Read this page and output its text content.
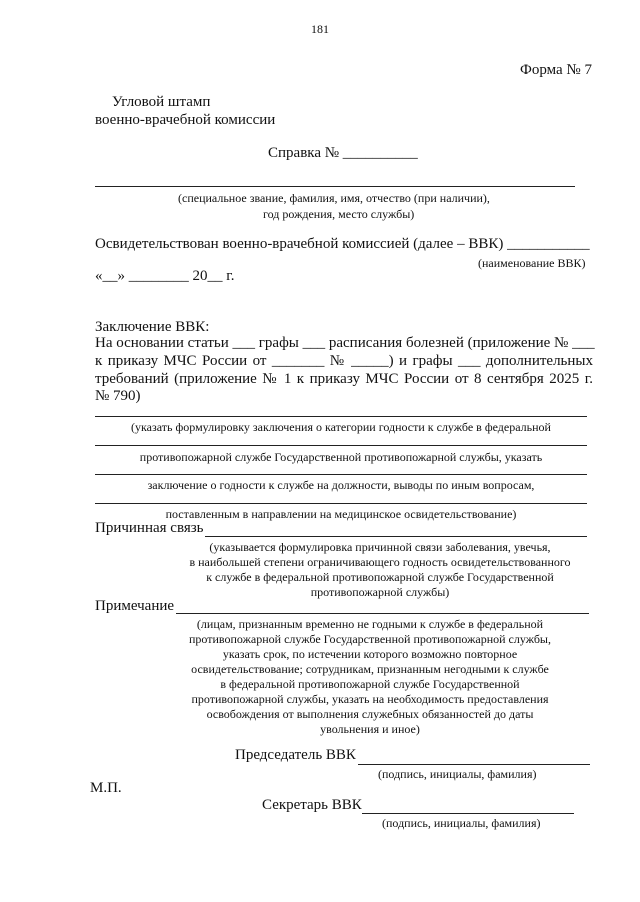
181
Форма № 7
Угловой штамп
военно-врачебной комиссии
Справка № __________
(специальное звание, фамилия, имя, отчество (при наличии),
год рождения, место службы)
Освидетельствован военно-врачебной комиссией (далее – ВВК) ___________
(наименование ВВК)
«__» ________ 20__ г.
Заключение ВВК:
На основании статьи ___ графы ___ расписания болезней (приложение № ___
к приказу МЧС России от _______ № _____) и графы ___ дополнительных
требований (приложение № 1 к приказу МЧС России от 8 сентября 2025 г.
№ 790)
(указать формулировку заключения о категории годности к службе в федеральной
противопожарной службе Государственной противопожарной службы, указать
заключение о годности к службе на должности, выводы по иным вопросам,
поставленным в направлении на медицинское освидетельствование)
Причинная связь
(указывается формулировка причинной связи заболевания, увечья,
в наибольшей степени ограничивающего годность освидетельствованного
к службе в федеральной противопожарной службе Государственной
противопожарной службы)
Примечание
(лицам, признанным временно не годными к службе в федеральной
противопожарной службе Государственной противопожарной службы,
указать срок, по истечении которого возможно повторное
освидетельствование; сотрудникам, признанным негодными к службе
в федеральной противопожарной службе Государственной
противопожарной службы, указать на необходимость предоставления
освобождения от выполнения служебных обязанностей до даты
увольнения и иное)
Председатель ВВК
(подпись, инициалы, фамилия)
М.П.
Секретарь ВВК
(подпись, инициалы, фамилия)
